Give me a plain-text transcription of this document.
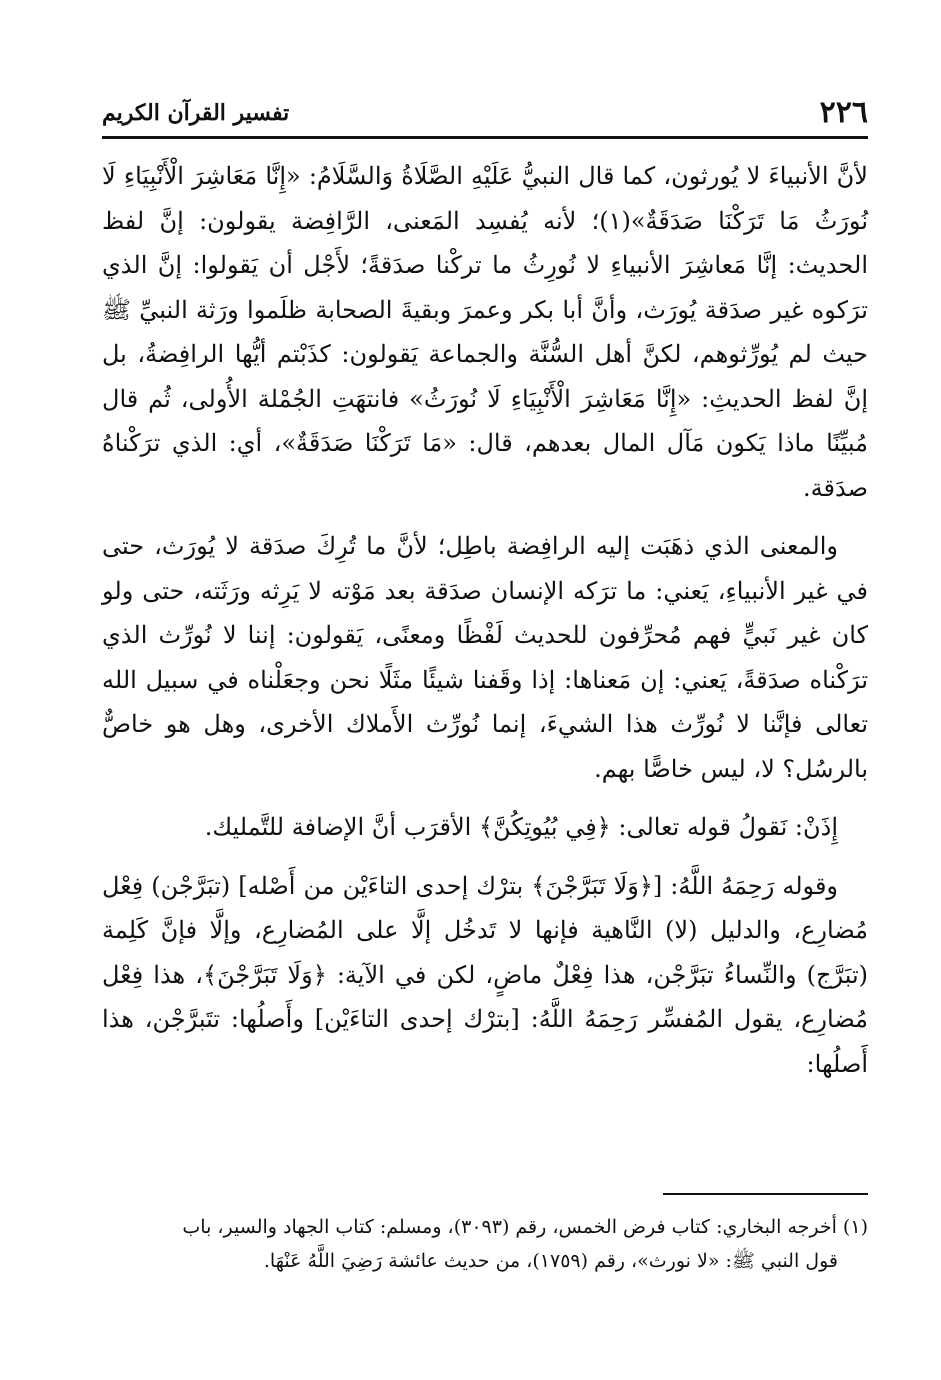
٢٢٦
تفسير القرآن الكريم

لأنَّ الأنبياءَ لا يُورثون، كما قال النبيُّ عَلَيْهِ الصَّلَاةُ وَالسَّلَامُ: «إِنَّا مَعَاشِرَ الْأَنْبِيَاءِ لَا نُورَثُ مَا تَرَكْنَا صَدَقَةٌ»(١)؛ لأنه يُفسِد المَعنى، الرَّافِضة يقولون: إنَّ لفظ الحديث: إنَّا مَعاشِرَ الأنبياءِ لا نُورِثُ ما تركْنا صدَقةً؛ لأَجْل أن يَقولوا: إنَّ الذي ترَكوه غير صدَقة يُورَث، وأنَّ أبا بكر وعمرَ وبقيةَ الصحابة ظلَموا ورَثة النبيِّ ﷺ حيث لم يُورِّثوهم، لكنَّ أهل السُّنَّة والجماعة يَقولون: كذَبْتم أيُّها الرافِضةُ، بل إنَّ لفظ الحديثِ: «إِنَّا مَعَاشِرَ الْأَنْبِيَاءِ لَا نُورَثُ» فانتهَتِ الجُمْلة الأُولى، ثُم قال مُبيِّنًا ماذا يَكون مَآل المال بعدهم، قال: «مَا تَرَكْنَا صَدَقَةٌ»، أي: الذي ترَكْناهُ صدَقة.

والمعنى الذي ذهَبَت إليه الرافِضة باطِل؛ لأنَّ ما تُرِكَ صدَقة لا يُورَث، حتى في غير الأنبياءِ، يَعني: ما ترَكه الإنسان صدَقة بعد مَوْته لا يَرِثه ورَثَته، حتى ولو كان غير نَبيٍّ فهم مُحرِّفون للحديث لَفْظًا ومعنًى، يَقولون: إننا لا نُورِّث الذي ترَكْناه صدَقةً، يَعني: إن مَعناها: إذا وقَفنا شيئًا مثَلًا نحن وجعَلْناه في سبيل الله تعالى فإنَّنا لا نُورِّث هذا الشيءَ، إنما نُورِّث الأَملاك الأخرى، وهل هو خاصٌّ بالرسُل؟ لا، ليس خاصًّا بهم.

إِذَنْ: نَقولُ قوله تعالى: ﴿فِي بُيُوتِكُنَّ﴾ الأقرَب أنَّ الإضافة للتَّمليك.

وقوله رَحِمَهُ اللَّهُ: [﴿وَلَا تَبَرَّجْنَ﴾ بترْك إحدى التاءَيْن من أَصْله] (تبَرَّجْن) فِعْل مُضارِع، والدليل (لا) النَّاهية فإنها لا تَدخُل إلَّا على المُضارِع، وإلَّا فإنَّ كَلِمة (تبَرَّج) والنِّساءُ تبَرَّجْن، هذا فِعْلٌ ماضٍ، لكن في الآية: ﴿وَلَا تَبَرَّجْنَ﴾، هذا فِعْل مُضارِع، يقول المُفسِّر رَحِمَهُ اللَّهُ: [بترْك إحدى التاءَيْن] وأَصلُها: تتَبرَّجْن، هذا أَصلُها:

(١) أخرجه البخاري: كتاب فرض الخمس، رقم (٣٠٩٣)، ومسلم: كتاب الجهاد والسير، باب

قول النبي ﷺ: «لا نورث»، رقم (١٧٥٩)، من حديث عائشة رَضِيَ اللَّهُ عَنْهَا.
